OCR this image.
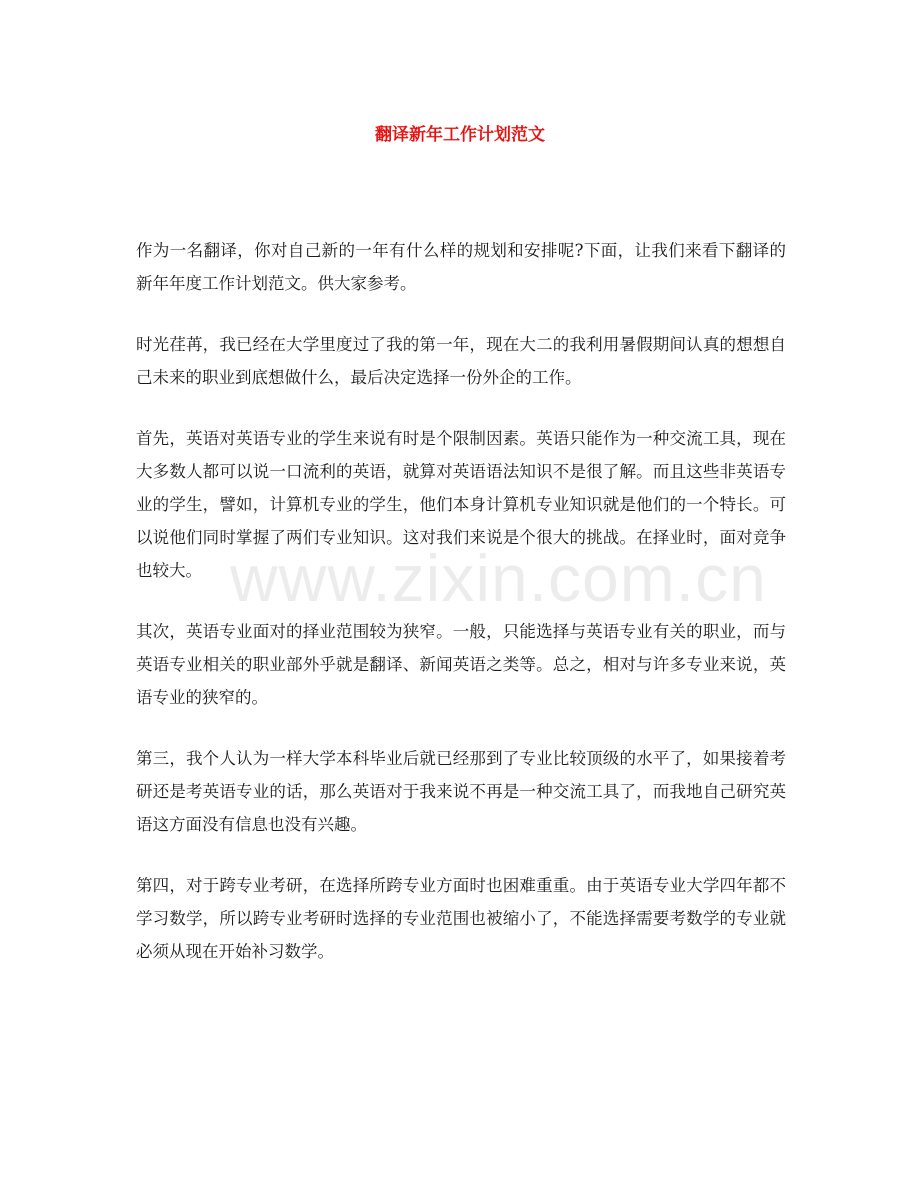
www.zixin.com.cn
翻译新年工作计划范文

作为一名翻译，你对自己新的一年有什么样的规划和安排呢?下面，让我们来看下翻译的新年年度工作计划范文。供大家参考。

时光荏苒，我已经在大学里度过了我的第一年，现在大二的我利用暑假期间认真的想想自己未来的职业到底想做什么，最后决定选择一份外企的工作。

首先，英语对英语专业的学生来说有时是个限制因素。英语只能作为一种交流工具，现在大多数人都可以说一口流利的英语，就算对英语语法知识不是很了解。而且这些非英语专业的学生，譬如，计算机专业的学生，他们本身计算机专业知识就是他们的一个特长。可以说他们同时掌握了两们专业知识。这对我们来说是个很大的挑战。在择业时，面对竞争也较大。

其次，英语专业面对的择业范围较为狭窄。一般，只能选择与英语专业有关的职业，而与英语专业相关的职业部外乎就是翻译、新闻英语之类等。总之，相对与许多专业来说，英语专业的狭窄的。

第三，我个人认为一样大学本科毕业后就已经那到了专业比较顶级的水平了，如果接着考研还是考英语专业的话，那么英语对于我来说不再是一种交流工具了，而我地自己研究英语这方面没有信息也没有兴趣。

第四，对于跨专业考研，在选择所跨专业方面时也困难重重。由于英语专业大学四年都不学习数学，所以跨专业考研时选择的专业范围也被缩小了，不能选择需要考数学的专业就必须从现在开始补习数学。
